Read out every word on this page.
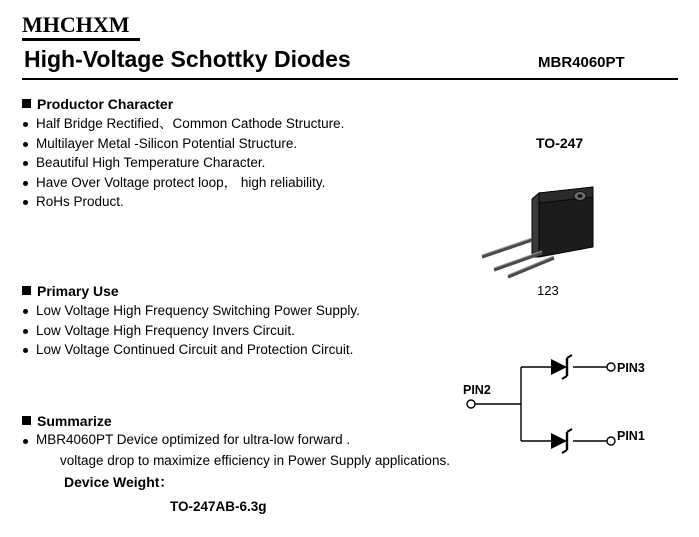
MHCHXM
High-Voltage Schottky Diodes	MBR4060PT
Productor Character
Half Bridge Rectified、Common Cathode Structure.
Multilayer Metal -Silicon Potential Structure.
Beautiful High Temperature Character.
Have Over Voltage protect loop， high reliability.
RoHs Product.
Primary Use
Low Voltage High Frequency Switching Power Supply.
Low Voltage High Frequency Invers Circuit.
Low Voltage Continued Circuit and Protection Circuit.
Summarize
MBR4060PT Device optimized for ultra-low forward .
voltage drop to maximize efficiency in Power Supply applications.
Device Weight：
TO-247AB-6.3g
TO-247
123
PIN2
PIN3
PIN1
